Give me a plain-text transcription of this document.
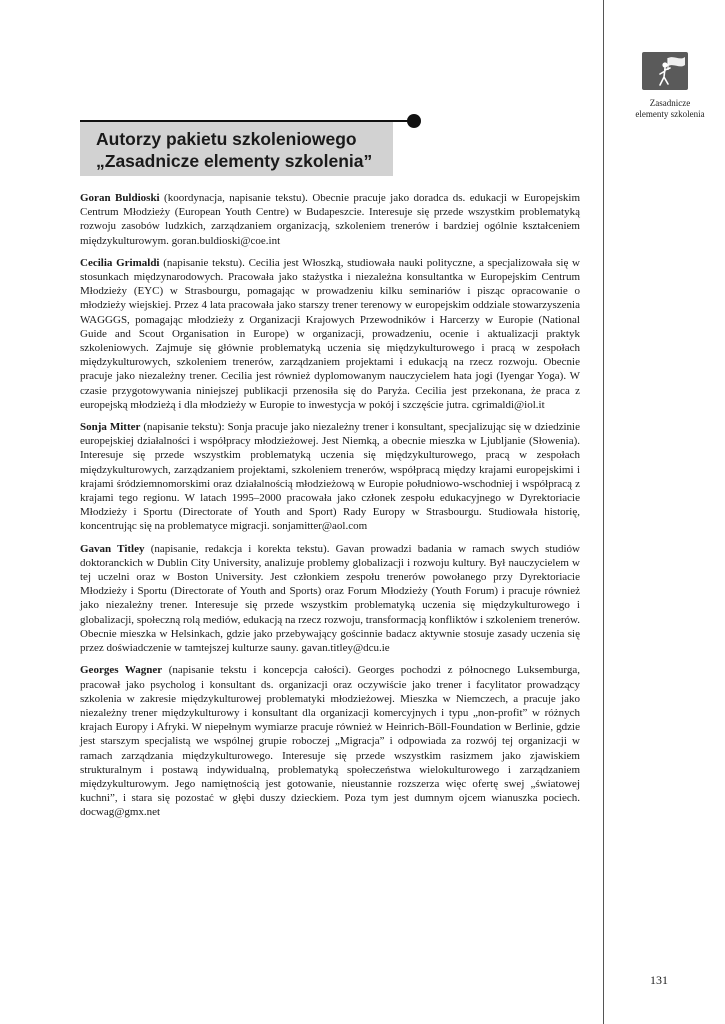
Zasadnicze
elementy szkolenia
Autorzy pakietu szkoleniowego
„Zasadnicze elementy szkolenia”

Goran Buldioski (koordynacja, napisanie tekstu). Obecnie pracuje jako doradca ds. edukacji w Europejskim Centrum Młodzieży (European Youth Centre) w Budapeszcie. Interesuje się przede wszystkim problematyką rozwoju zasobów ludzkich, zarządzaniem organizacją, szkoleniem trenerów i bardziej ogólnie kształceniem międzykulturowym. goran.buldioski@coe.int

Cecilia Grimaldi (napisanie tekstu). Cecilia jest Włoszką, studiowała nauki polityczne, a specjalizowała się w stosunkach międzynarodowych. Pracowała jako stażystka i niezależna konsultantka w Europejskim Centrum Młodzieży (EYC) w Strasbourgu, pomagając w prowadzeniu kilku seminariów i pisząc opracowanie o młodzieży wiejskiej. Przez 4 lata pracowała jako starszy trener terenowy w europejskim oddziale stowarzyszenia WAGGGS, pomagając młodzieży z Organizacji Krajowych Przewodników i Harcerzy w Europie (National Guide and Scout Organisation in Europe) w organizacji, prowadzeniu, ocenie i aktualizacji praktyk szkoleniowych. Zajmuje się głównie problematyką uczenia się międzykulturowego i pracą w zespołach międzykulturowych, szkoleniem trenerów, zarządzaniem projektami i edukacją na rzecz rozwoju. Obecnie pracuje jako niezależny trener. Cecilia jest również dyplomowanym nauczycielem hata jogi (Iyengar Yoga). W czasie przygotowywania niniejszej publikacji przenosiła się do Paryża. Cecilia jest przekonana, że praca z europejską młodzieżą i dla młodzieży w Europie to inwestycja w pokój i szczęście jutra. cgrimaldi@iol.it

Sonja Mitter (napisanie tekstu): Sonja pracuje jako niezależny trener i konsultant, specjalizując się w dziedzinie europejskiej działalności i współpracy młodzieżowej. Jest Niemką, a obecnie mieszka w Ljubljanie (Słowenia). Interesuje się przede wszystkim problematyką uczenia się międzykulturowego, pracą w zespołach międzykulturowych, zarządzaniem projektami, szkoleniem trenerów, współpracą między krajami europejskimi i krajami śródziemnomorskimi oraz działalnością młodzieżową w Europie południowo-wschodniej i współpracą z krajami tego regionu. W latach 1995–2000 pracowała jako członek zespołu edukacyjnego w Dyrektoriacie Młodzieży i Sportu (Directorate of Youth and Sport) Rady Europy w Strasbourgu. Studiowała historię, koncentrując się na problematyce migracji. sonjamitter@aol.com

Gavan Titley (napisanie, redakcja i korekta tekstu). Gavan prowadzi badania w ramach swych studiów doktoranckich w Dublin City University, analizuje problemy globalizacji i rozwoju kultury. Był nauczycielem w tej uczelni oraz w Boston University. Jest członkiem zespołu trenerów powołanego przy Dyrektoriacie Młodzieży i Sportu (Directorate of Youth and Sports) oraz Forum Młodzieży (Youth Forum) i pracuje również jako niezależny trener. Interesuje się przede wszystkim problematyką uczenia się międzykulturowego i globalizacji, społeczną rolą mediów, edukacją na rzecz rozwoju, transformacją konfliktów i szkoleniem trenerów. Obecnie mieszka w Helsinkach, gdzie jako przebywający gościnnie badacz aktywnie stosuje zasady uczenia się przez doświadczenie w tamtejszej kulturze sauny. gavan.titley@dcu.ie

Georges Wagner (napisanie tekstu i koncepcja całości). Georges pochodzi z północnego Luksemburga, pracował jako psycholog i konsultant ds. organizacji oraz oczywiście jako trener i facylitator prowadzący szkolenia w zakresie międzykulturowej problematyki młodzieżowej. Mieszka w Niemczech, a pracuje jako niezależny trener międzykulturowy i konsultant dla organizacji komercyjnych i typu „non-profit” w różnych krajach Europy i Afryki. W niepełnym wymiarze pracuje również w Heinrich-Böll-Foundation w Berlinie, gdzie jest starszym specjalistą we wspólnej grupie roboczej „Migracja” i odpowiada za rozwój tej organizacji w ramach zarządzania międzykulturowego. Interesuje się przede wszystkim rasizmem jako zjawiskiem strukturalnym i postawą indywidualną, problematyką społeczeństwa wielokulturowego i zarządzaniem międzykulturowym. Jego namiętnością jest gotowanie, nieustannie rozszerza więc ofertę swej „światowej kuchni”, i stara się pozostać w głębi duszy dzieckiem. Poza tym jest dumnym ojcem wianuszka pociech. docwag@gmx.net

131
